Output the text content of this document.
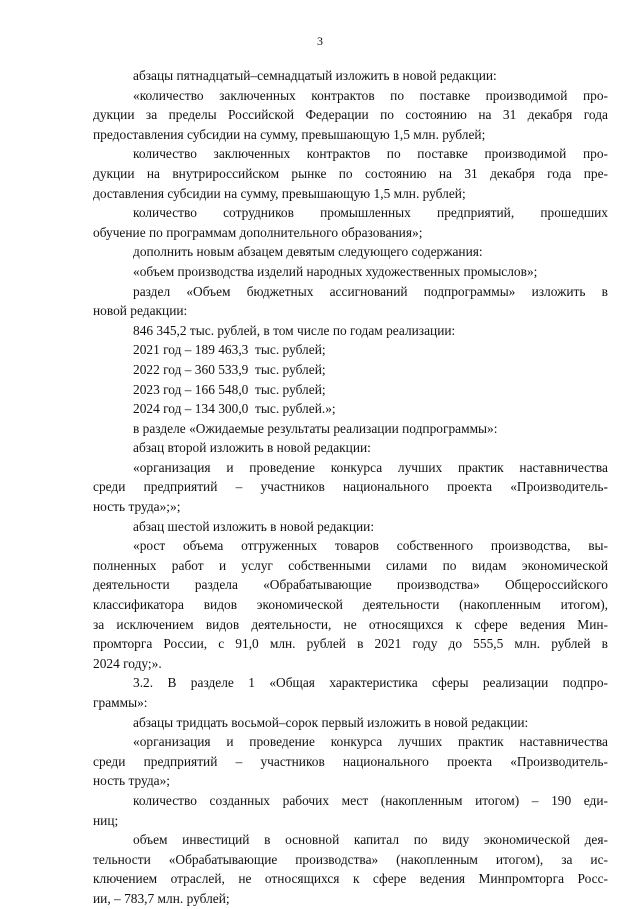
3
абзацы пятнадцатый–семнадцатый изложить в новой редакции:
«количество заключенных контрактов по поставке производимой про-
дукции за пределы Российской Федерации по состоянию на 31 декабря года
предоставления субсидии на сумму, превышающую 1,5 млн. рублей;
количество заключенных контрактов по поставке производимой про-
дукции на внутрироссийском рынке по состоянию на 31 декабря года пре-
доставления субсидии на сумму, превышающую 1,5 млн. рублей;
количество сотрудников промышленных предприятий, прошедших
обучение по программам дополнительного образования»;
дополнить новым абзацем девятым следующего содержания:
«объем производства изделий народных художественных промыслов»;
раздел «Объем бюджетных ассигнований подпрограммы» изложить в
новой редакции:
846 345,2 тыс. рублей, в том числе по годам реализации:
2021 год – 189 463,3  тыс. рублей;
2022 год – 360 533,9  тыс. рублей;
2023 год – 166 548,0  тыс. рублей;
2024 год – 134 300,0  тыс. рублей.»;
в разделе «Ожидаемые результаты реализации подпрограммы»:
абзац второй изложить в новой редакции:
«организация и проведение конкурса лучших практик наставничества
среди предприятий – участников национального проекта «Производитель-
ность труда»;»;
абзац шестой изложить в новой редакции:
«рост объема отгруженных товаров собственного производства, вы-
полненных работ и услуг собственными силами по видам экономической
деятельности раздела «Обрабатывающие производства» Общероссийского
классификатора видов экономической деятельности (накопленным итогом),
за исключением видов деятельности, не относящихся к сфере ведения Мин-
промторга России, с 91,0 млн. рублей в 2021 году до 555,5 млн. рублей в
2024 году;».
3.2. В разделе 1 «Общая характеристика сферы реализации подпро-
граммы»:
абзацы тридцать восьмой–сорок первый изложить в новой редакции:
«организация и проведение конкурса лучших практик наставничества
среди предприятий – участников национального проекта «Производитель-
ность труда»;
количество созданных рабочих мест (накопленным итогом) – 190 еди-
ниц;
объем инвестиций в основной капитал по виду экономической дея-
тельности «Обрабатывающие производства» (накопленным итогом), за ис-
ключением отраслей, не относящихся к сфере ведения Минпромторга Росс-
ии, – 783,7 млн. рублей;
